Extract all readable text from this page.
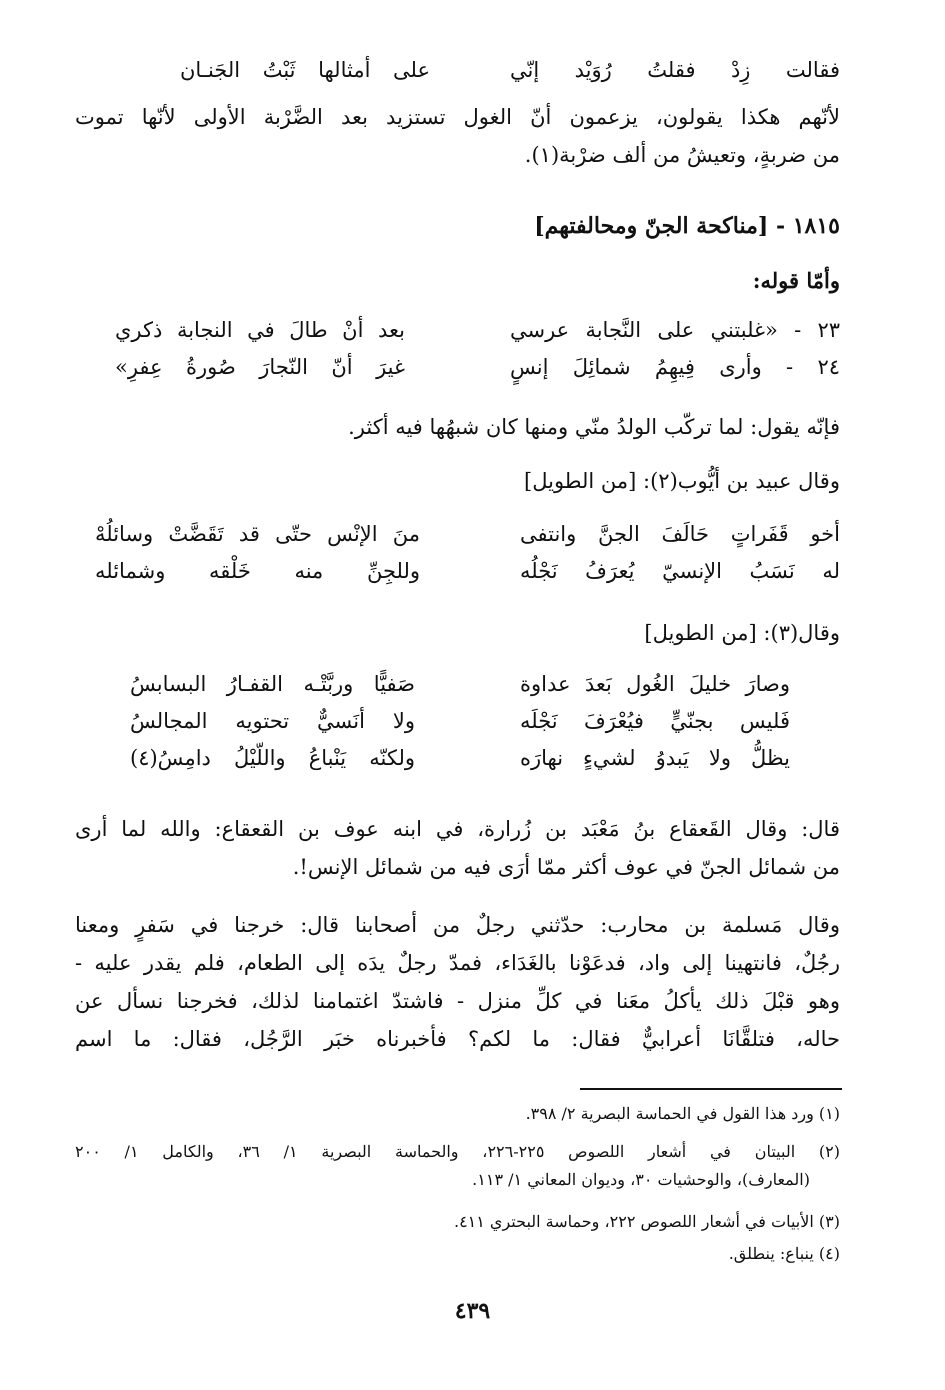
فقالت زِدْ فقلتُ رُوَيْد إنّي
على أمثالها ثَبْتُ الجَنـان
لأنّهم هكذا يقولون، يزعمون أنّ الغول تستزيد بعد الضَّرْبة الأولى لأنّها تموت
من ضربةٍ، وتعيشُ من ألف ضرْبة(١).
١٨١٥ - [مناكحة الجنّ ومحالفتهم]
وأمّا قوله:
٢٣ - «غلبتني على النَّجابة عرسي
بعد أنْ طالَ في النجابة ذكري
٢٤ - وأرى فِيهِمُ شمائِلَ إنسٍ
غيرَ أنّ النّجارَ صُورةُ عِفرِ»
فإنّه يقول: لما تركّب الولدُ منّي ومنها كان شبهُها فيه أكثر.
وقال عبيد بن أيُّوب(٢): [من الطويل]
أخو قَفَراتٍ حَالَفَ الجنَّ وانتفى
منَ الإنْس حتّى قد تَقَضَّتْ وسائلُهْ
له نَسَبُ الإنسيّ يُعرَفُ نَجْلُه
وللجِنِّ منه خَلْقه وشمائله
وقال(٣): [من الطويل]
وصارَ خليلَ الغُول بَعدَ عداوة
صَفيًّا وربَّتْـه القفـارُ البسابسُ
فَليس بجنّيٍّ فيُعْرَفَ نَجْلَه
ولا أنَسيٌّ تحتويه المجالسُ
يظلُّ ولا يَبدوُ لشيءٍ نهارَه
ولكنّه يَنْباعُ واللّيْلُ دامِسُ(٤)
قال: وقال القَعقاع بنُ مَعْبَد بن زُرارة، في ابنه عوف بن القعقاع: والله لما أرى
من شمائل الجنّ في عوف أكثر ممّا أرَى فيه من شمائل الإنس!.
وقال مَسلمة بن محارب: حدّثني رجلٌ من أصحابنا قال: خرجنا في سَفرٍ ومعنا
رجُلٌ، فانتهينا إلى واد، فدعَوْنا بالغَدَاء، فمدّ رجلٌ يدَه إلى الطعام، فلم يقدر عليه -
وهو قبْلَ ذلك يأكلُ معَنا في كلِّ منزل - فاشتدّ اغتمامنا لذلك، فخرجنا نسأل عن
حاله، فتلقَّانَا أعرابيٌّ فقال: ما لكم؟ فأخبرناه خبَر الرَّجُل، فقال: ما اسم
(١) ورد هذا القول في الحماسة البصرية ٢/ ٣٩٨.
(٢) البيتان في أشعار اللصوص ٢٢٥-٢٢٦، والحماسة البصرية ١/ ٣٦، والكامل ١/ ٢٠٠
(المعارف)، والوحشيات ٣٠، وديوان المعاني ١/ ١١٣.
(٣) الأبيات في أشعار اللصوص ٢٢٢، وحماسة البحتري ٤١١.
(٤) ينباع: ينطلق.
٤٣٩
